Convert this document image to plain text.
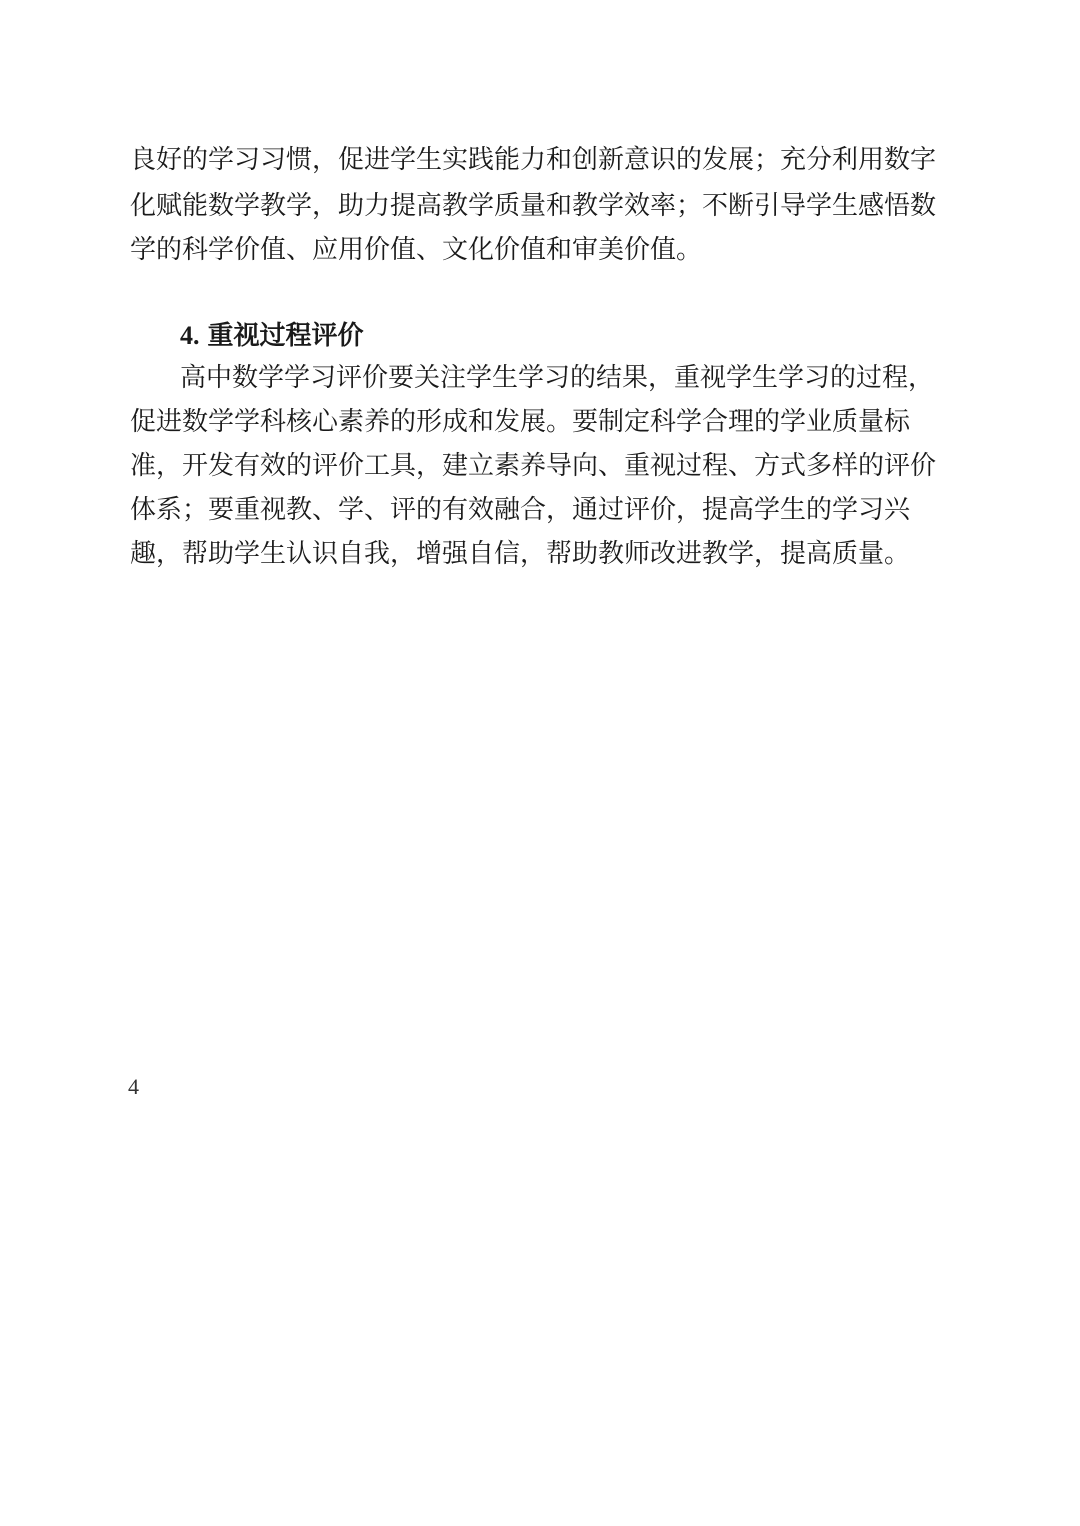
良好的学习习惯，促进学生实践能力和创新意识的发展；充分利用数字
化赋能数学教学，助力提高教学质量和教学效率；不断引导学生感悟数
学的科学价值、应用价值、文化价值和审美价值。
4. 重视过程评价
高中数学学习评价要关注学生学习的结果，重视学生学习的过程，
促进数学学科核心素养的形成和发展。要制定科学合理的学业质量标
准，开发有效的评价工具，建立素养导向、重视过程、方式多样的评价
体系；要重视教、学、评的有效融合，通过评价，提高学生的学习兴
趣，帮助学生认识自我，增强自信，帮助教师改进教学，提高质量。
4
